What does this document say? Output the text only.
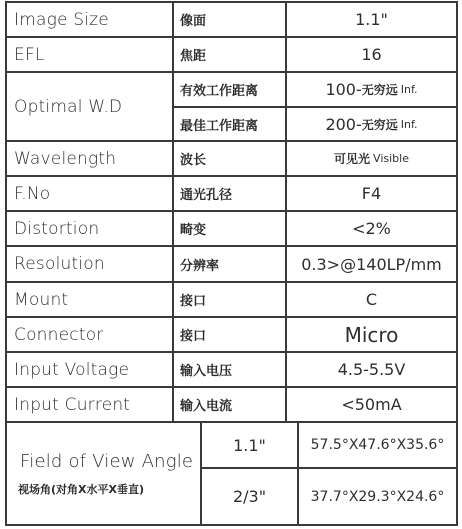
Image Size	像面	1.1"
EFL	焦距	16
Optimal W.D
有效工作距离	100- 无穷远 Inf.
最佳工作距离	200- 无穷远 Inf.
Wavelength	波长	可见光 Visible
F.No	通光孔径	F4
Distortion	畸变	<2%
Resolution	分辨率	0.3>@140LP/mm
Mount	接口	C
Connector	接口	Micro
Input Voltage	输入电压	4.5-5.5V
Input Current	输入电流	<50mA
Field of View Angle
视场角(对角X水平X垂直)
1.1"	57.5°X47.6°X35.6°
2/3"	37.7°X29.3°X24.6°
